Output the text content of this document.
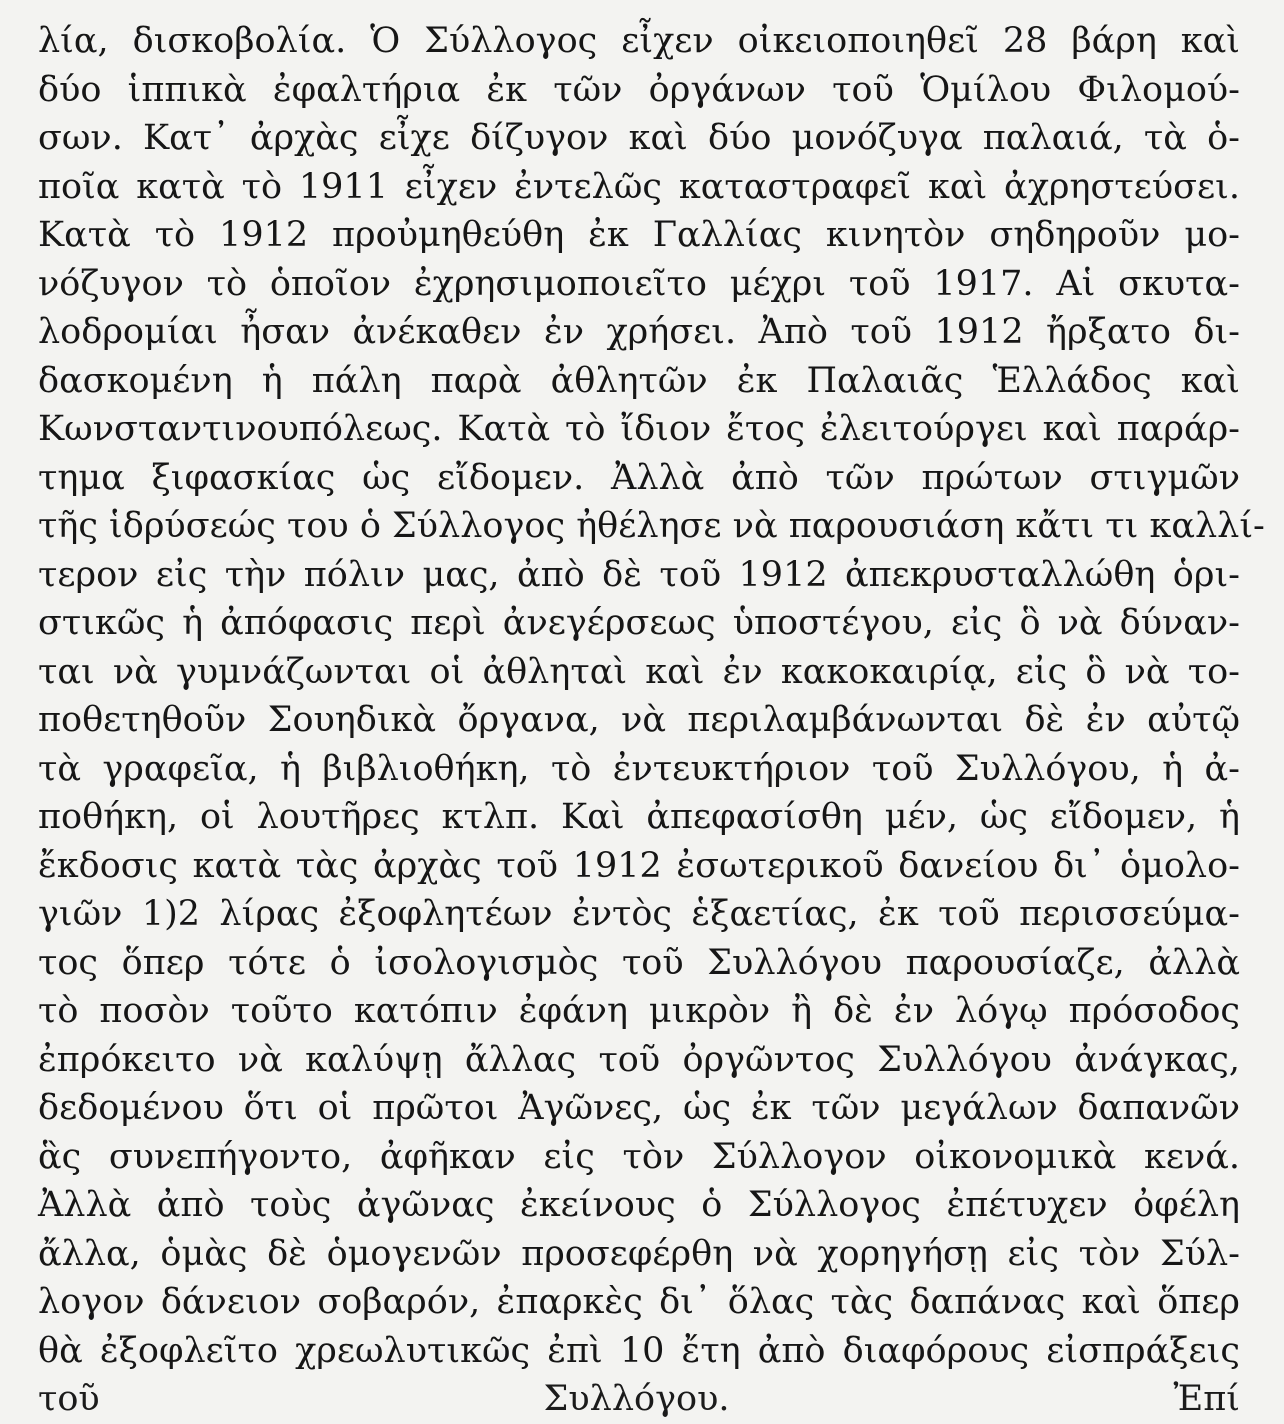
λία, δισκοβολία. Ὁ Σύλλογος εἶχεν οἰκειοποιηθεῖ 28 βάρη καὶ
δύο ἱππικὰ ἐφαλτήρια ἐκ τῶν ὀργάνων τοῦ Ὁμίλου Φιλομού-
σων. Κατ᾿ ἀρχὰς εἶχε δίζυγον καὶ δύο μονόζυγα παλαιά, τὰ ὁ-
ποῖα κατὰ τὸ 1911 εἶχεν ἐντελῶς καταστραφεῖ καὶ ἀχρηστεύσει.
Κατὰ τὸ 1912 προὐμηθεύθη ἐκ Γαλλίας κινητὸν σηδηροῦν μο-
νόζυγον τὸ ὁποῖον ἐχρησιμοποιεῖτο μέχρι τοῦ 1917. Αἱ σκυτα-
λοδρομίαι ἦσαν ἀνέκαθεν ἐν χρήσει. Ἀπὸ τοῦ 1912 ἤρξατο δι-
δασκομένη ἡ πάλη παρὰ ἀθλητῶν ἐκ Παλαιᾶς Ἑλλάδος καὶ
Κωνσταντινουπόλεως. Κατὰ τὸ ἴδιον ἔτος ἐλειτούργει καὶ παράρ-
τημα ξιφασκίας ὡς εἴδομεν. Ἀλλὰ ἀπὸ τῶν πρώτων στιγμῶν
τῆς ἱδρύσεώς του ὁ Σύλλογος ἠθέλησε νὰ παρουσιάση κἄτι τι καλλί-
τερον εἰς τὴν πόλιν μας, ἀπὸ δὲ τοῦ 1912 ἀπεκρυσταλλώθη ὁρι-
στικῶς ἡ ἀπόφασις περὶ ἀνεγέρσεως ὑποστέγου, εἰς ὃ νὰ δύναν-
ται νὰ γυμνάζωνται οἱ ἀθληταὶ καὶ ἐν κακοκαιρίᾳ, εἰς ὃ νὰ το-
ποθετηθοῦν Σουηδικὰ ὄργανα, νὰ περιλαμβάνωνται δὲ ἐν αὐτῷ
τὰ γραφεῖα, ἡ βιβλιοθήκη, τὸ ἐντευκτήριον τοῦ Συλλόγου, ἡ ἀ-
ποθήκη, οἱ λουτῆρες κτλπ. Καὶ ἀπεφασίσθη μέν, ὡς εἴδομεν, ἡ
ἔκδοσις κατὰ τὰς ἀρχὰς τοῦ 1912 ἐσωτερικοῦ δανείου δι᾿ ὁμολο-
γιῶν 1)2 λίρας ἐξοφλητέων ἐντὸς ἑξαετίας, ἐκ τοῦ περισσεύμα-
τος ὅπερ τότε ὁ ἰσολογισμὸς τοῦ Συλλόγου παρουσίαζε, ἀλλὰ
τὸ ποσὸν τοῦτο κατόπιν ἐφάνη μικρὸν ἢ δὲ ἐν λόγῳ πρόσοδος
ἐπρόκειτο νὰ καλύψῃ ἄλλας τοῦ ὀργῶντος Συλλόγου ἀνάγκας,
δεδομένου ὅτι οἱ πρῶτοι Ἀγῶνες, ὡς ἐκ τῶν μεγάλων δαπανῶν
ἃς συνεπήγοντο, ἀφῆκαν εἰς τὸν Σύλλογον οἰκονομικὰ κενά.
Ἀλλὰ ἀπὸ τοὺς ἀγῶνας ἐκείνους ὁ Σύλλογος ἐπέτυχεν ὀφέλη
ἄλλα, ὁμὰς δὲ ὁμογενῶν προσεφέρθη νὰ χορηγήσῃ εἰς τὸν Σύλ-
λογον δάνειον σοβαρόν, ἐπαρκὲς δι᾿ ὅλας τὰς δαπάνας καὶ ὅπερ
θὰ ἐξοφλεῖτο χρεωλυτικῶς ἐπὶ 10 ἔτη ἀπὸ διαφόρους εἰσπράξεις
τοῦ Συλλόγου. Ἐπί
